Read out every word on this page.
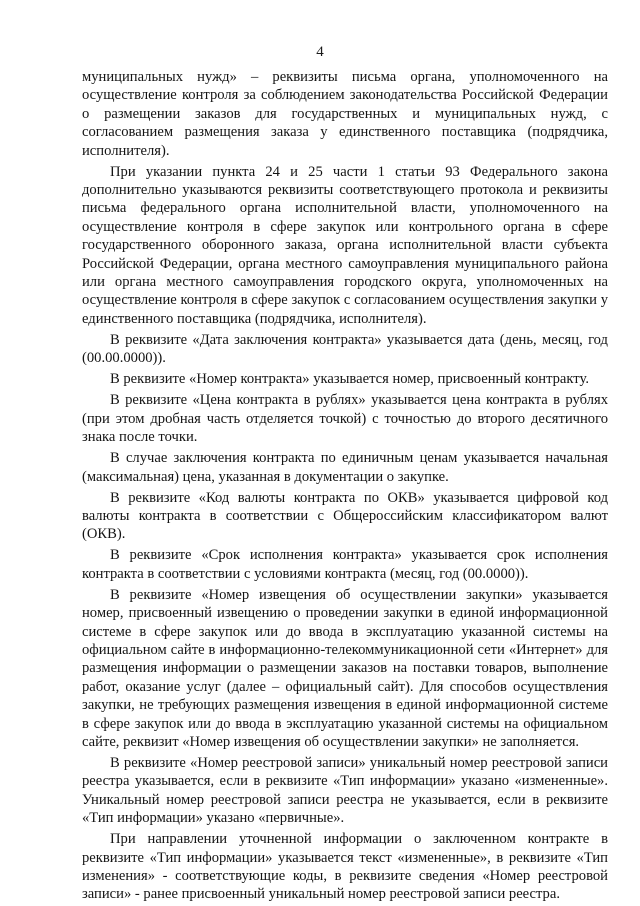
4

муниципальных нужд» – реквизиты письма органа, уполномоченного на осуществление контроля за соблюдением законодательства Российской Федерации о размещении заказов для государственных и муниципальных нужд, с согласованием размещения заказа у единственного поставщика (подрядчика, исполнителя).

При указании пункта 24 и 25 части 1 статьи 93 Федерального закона дополнительно указываются реквизиты соответствующего протокола и реквизиты письма федерального органа исполнительной власти, уполномоченного на осуществление контроля в сфере закупок или контрольного органа в сфере государственного оборонного заказа, органа исполнительной власти субъекта Российской Федерации, органа местного самоуправления муниципального района или органа местного самоуправления городского округа, уполномоченных на осуществление контроля в сфере закупок с согласованием осуществления закупки у единственного поставщика (подрядчика, исполнителя).

В реквизите «Дата заключения контракта» указывается дата (день, месяц, год (00.00.0000)).

В реквизите «Номер контракта» указывается номер, присвоенный контракту.

В реквизите «Цена контракта в рублях» указывается цена контракта в рублях (при этом дробная часть отделяется точкой) с точностью до второго десятичного знака после точки.

В случае заключения контракта по единичным ценам указывается начальная (максимальная) цена, указанная в документации о закупке.

В реквизите «Код валюты контракта по ОКВ» указывается цифровой код валюты контракта в соответствии с Общероссийским классификатором валют (ОКВ).

В реквизите «Срок исполнения контракта» указывается срок исполнения контракта в соответствии с условиями контракта (месяц, год (00.0000)).

В реквизите «Номер извещения об осуществлении закупки» указывается номер, присвоенный извещению о проведении закупки в единой информационной системе в сфере закупок или до ввода в эксплуатацию указанной системы на официальном сайте в информационно-телекоммуникационной сети «Интернет» для размещения информации о размещении заказов на поставки товаров, выполнение работ, оказание услуг (далее – официальный сайт). Для способов осуществления закупки, не требующих размещения извещения в единой информационной системе в сфере закупок или до ввода в эксплуатацию указанной системы на официальном сайте, реквизит «Номер извещения об осуществлении закупки» не заполняется.

В реквизите «Номер реестровой записи» уникальный номер реестровой записи реестра указывается, если в реквизите «Тип информации» указано «измененные». Уникальный номер реестровой записи реестра не указывается, если в реквизите «Тип информации» указано «первичные».

При направлении уточненной информации о заключенном контракте в реквизите «Тип информации» указывается текст «измененные», в реквизите «Тип изменения» - соответствующие коды, в реквизите сведения «Номер реестровой записи» - ранее присвоенный уникальный номер реестровой записи реестра.
